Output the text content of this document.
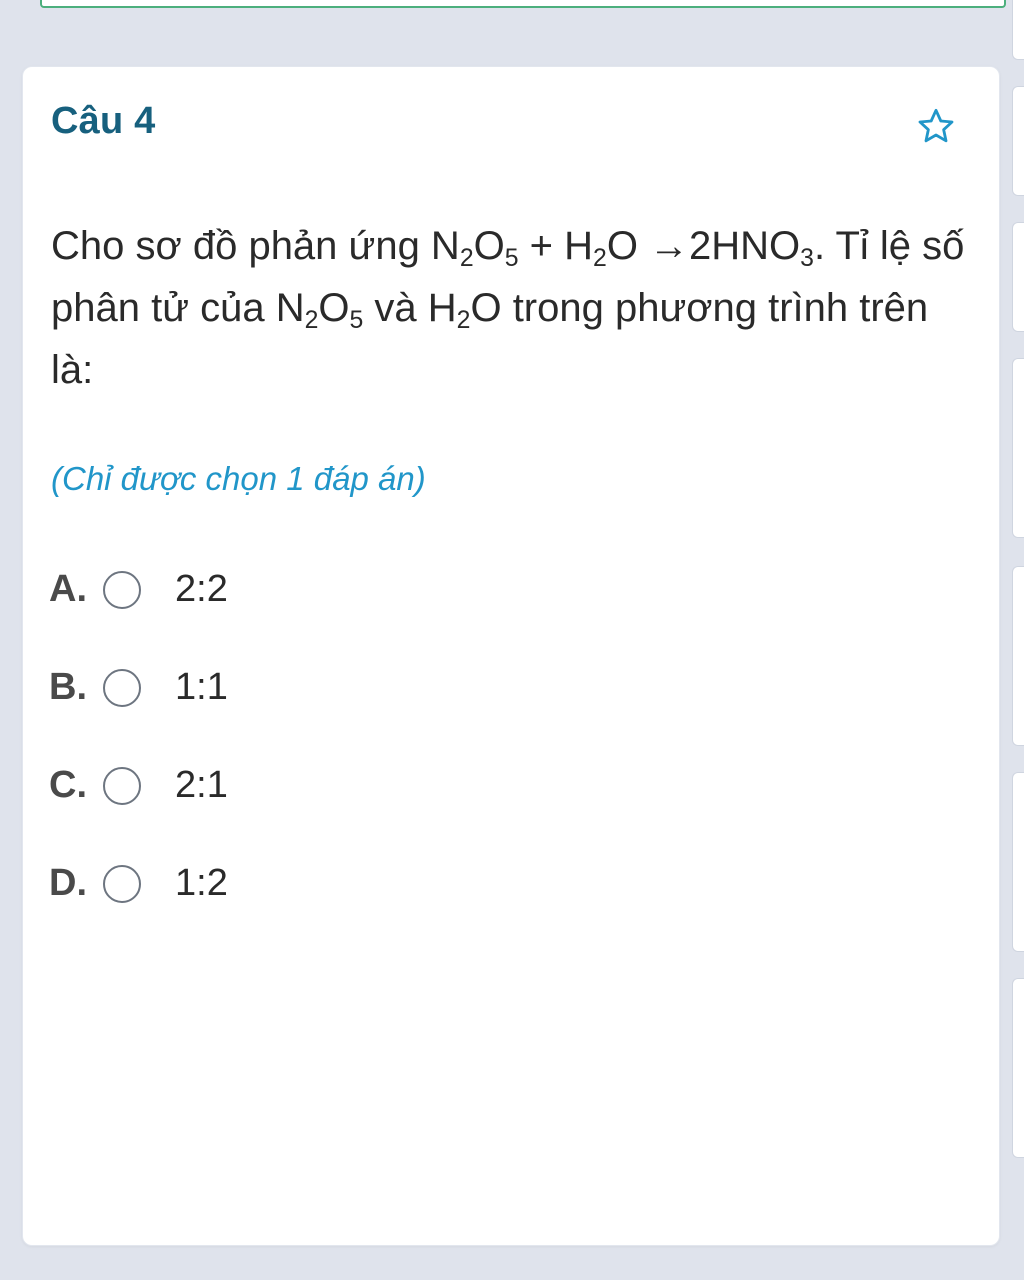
Câu 4
Cho sơ đồ phản ứng $N_2O_5 + H_2O \to 2HNO_3$. Tỉ lệ số phân tử của $N_2O_5$ và $H_2O$ trong phương trình trên là:
(Chỉ được chọn 1 đáp án)
A.	2:2
B.	1:1
C.	2:1
D.	1:2
